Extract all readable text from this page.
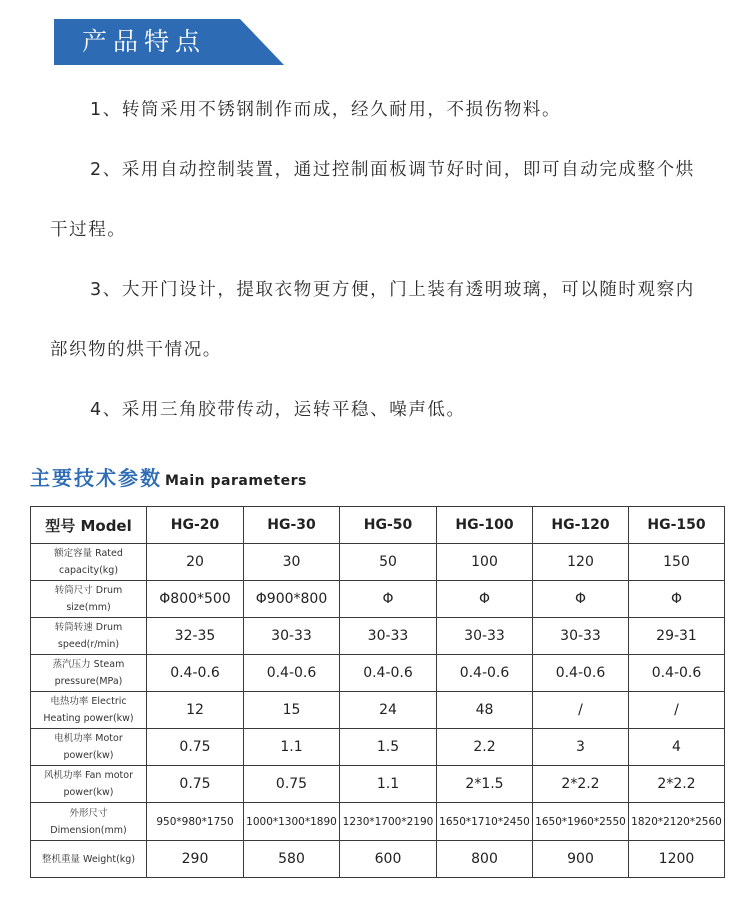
产品特点

1、转筒采用不锈钢制作而成，经久耐用，不损伤物料。

2、采用自动控制装置，通过控制面板调节好时间，即可自动完成整个烘干过程。

3、大开门设计，提取衣物更方便，门上装有透明玻璃，可以随时观察内部织物的烘干情况。

4、采用三角胶带传动，运转平稳、噪声低。

主要技术参数 Main parameters
型号 Model	HG-20	HG-30	HG-50	HG-100	HG-120	HG-150

额定容量 Rated
capacity(kg)	20	30	50	100	120	150

转筒尺寸 Drum
size(mm)	Φ800*500	Φ900*800	Φ	Φ	Φ	Φ

转筒转速 Drum
speed(r/min)	32-35	30-33	30-33	30-33	30-33	29-31

蒸汽压力 Steam
pressure(MPa)	0.4-0.6	0.4-0.6	0.4-0.6	0.4-0.6	0.4-0.6	0.4-0.6

电热功率 Electric
Heating power(kw)	12	15	24	48	/	/

电机功率 Motor
power(kw)	0.75	1.1	1.5	2.2	3	4

风机功率 Fan motor
power(kw)	0.75	0.75	1.1	2*1.5	2*2.2	2*2.2

外形尺寸
Dimension(mm)	950*980*1750	1000*1300*1890	1230*1700*2190	1650*1710*2450	1650*1960*2550	1820*2120*2560

整机重量 Weight(kg)	290	580	600	800	900	1200
